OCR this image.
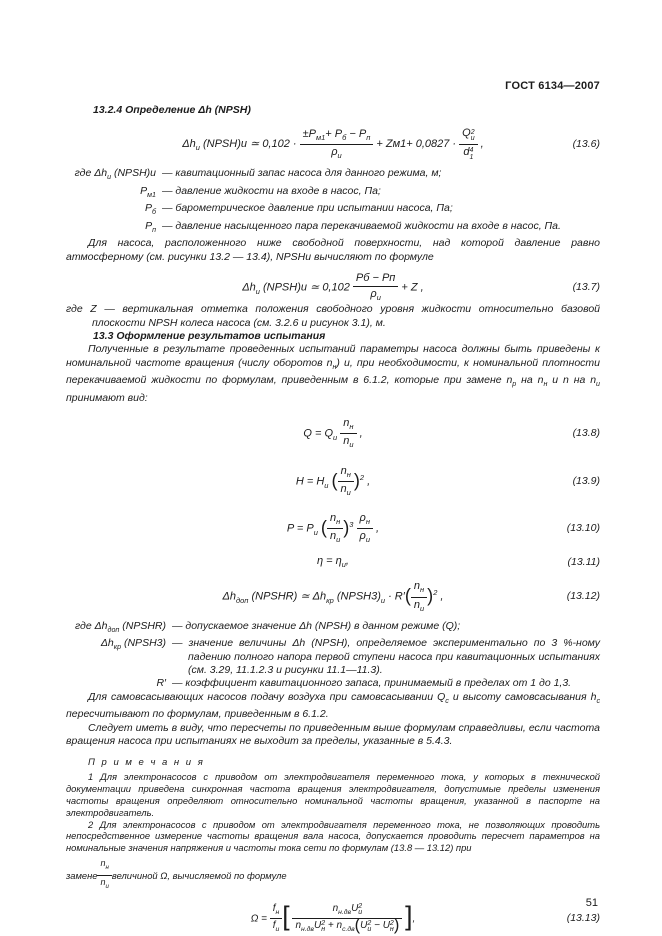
ГОСТ 6134—2007
13.2.4 Определение Δh (NPSH)
$\Delta h_и$ (NPSH)и ≃ 0,102 ·
$\pm P_{м1}+ P_б - P_п$
$\rho_и$
+ Zм1+ 0,0827 ·
Q 2
и
d 4
1
,	(13.6)
где $\Delta h_и$ (NPSH)и — кавитационный запас насоса для данного режима, м;
$P_{м1}$ — давление жидкости на входе в насос, Па;
$P_б$ — барометрическое давление при испытании насоса, Па;
$P_п$ — давление насыщенного пара перекачиваемой жидкости на входе в насос, Па.

Для насоса, расположенного ниже свободной поверхности, над которой давление равно атмосферному (см. рисунки 13.2 — 13.4), NPSHи вычисляют по формуле

$\Delta h_и$ (NPSH)и ≃ 0,102
Pб − Pп
$\rho_и$
+ Z ,	(13.7)

где Z — вертикальная отметка положения свободного уровня жидкости относительно базовой плоскости NPSH колеса насоса (см. 3.2.6 и рисунок 3.1), м.

13.3 Оформление результатов испытания

Полученные в результате проведенных испытаний параметры насоса должны быть приведены к номинальной частоте вращения (числу оборотов $n_н$) и, при необходимости, к номинальной плотности перекачиваемой жидкости по формулам, приведенным в 6.1.2, которые при замене $n_р$ на $n_н$ и n на $n_и$ принимают вид:

$Q = Q_и$
$n_н$
$n_и$
,	(13.8)
$H = H_и$ ( $n_н$
$n_и$
)$^2$ ,	(13.9)
$P = P_и$ ( $n_н$
$n_и$
)$^3$
$\rho_н$
$\rho_и$
,	(13.10)
$\eta = \eta_и$,	(13.11)
$\Delta h_{доп}$ (NPSHR) ≃ $\Delta h_{кр}$ $(NPSH3)_и \cdot R'$( $n_н$
$n_и$
)$^2$ ,	(13.12)
где $\Delta h_{доп}$ (NPSHR) — допускаемое значение Δh (NPSH) в данном режиме (Q);
$\Delta h_{кр}$ (NPSH3) — значение величины Δh (NPSH), определяемое экспериментально по 3 %-ному падению полного напора первой ступени насоса при кавитационных испытаниях (см. 3.29, 11.1.2.3 и рисунки 11.1—11.3).
R′ — коэффициент кавитационного запаса, принимаемый в пределах от 1 до 1,3.

Для самовсасывающих насосов подачу воздуха при самовсасывании $Q_с$ и высоту самовсасывания $h_с$ пересчитывают по формулам, приведенным в 6.1.2.

Следует иметь в виду, что пересчеты по приведенным выше формулам справедливы, если частота вращения насоса при испытаниях не выходит за пределы, указанные в 5.4.3.

П р и м е ч а н и я

1 Для электронасосов с приводом от электродвигателя переменного тока, у которых в технической документации приведена синхронная частота вращения электродвигателя, допустимые пределы изменения частоты вращения определяют относительно номинальной частоты вращения, указанной в паспорте на электродвигатель.

2 Для электронасосов с приводом от электродвигателя переменного тока, не позволяющих проводить непосредственное измерение частоты вращения вала насоса, допускается проводить пересчет параметров на номинальные значения напряжения и частоты тока сети по формулам (13.8 — 13.12) при

замене
$n_н$
$n_и$
величиной Ω, вычисляемой по формуле

Ω =
$f_н$
$f_и$ [	$n_{н.дв}U$ 2
и
$n_{н.дв}U$ 2
$н + n_{с.дв}(U$ 2
и − U 2
н ) ],	(13.13)
51
